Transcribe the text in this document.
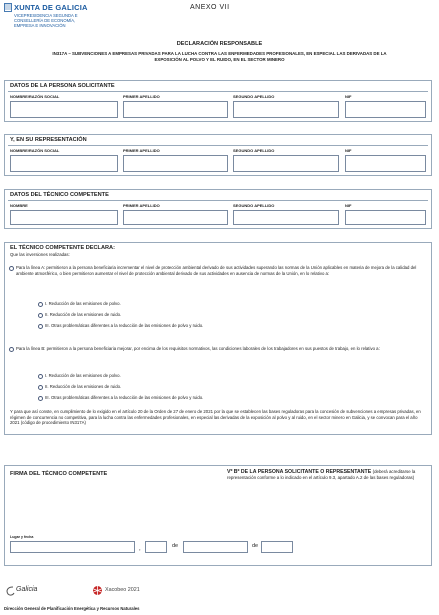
XUNTA DE GALICIA
VICEPRESIDENCIA SEGUNDA E
CONSELLERÍA DE ECONOMÍA,
EMPRESA E INNOVACIÓN
ANEXO VII
DECLARACIÓN RESPONSABLE
IN317A – SUBVENCIONES A EMPRESAS PRIVADAS PARA LA LUCHA CONTRA LAS ENFERMEDADES PROFESIONALES, EN ESPECIAL LAS DERIVADAS DE LA EXPOSICIÓN AL POLVO Y EL RUIDO, EN EL SECTOR MINERO
DATOS DE LA PERSONA SOLICITANTE
NOMBRE/RAZÓN SOCIAL	PRIMER APELLIDO	SEGUNDO APELLIDO	NIF
Y, EN SU REPRESENTACIÓN
NOMBRE/RAZÓN SOCIAL	PRIMER APELLIDO	SEGUNDO APELLIDO	NIF
DATOS DEL TÉCNICO COMPETENTE
NOMBRE	PRIMER APELLIDO	SEGUNDO APELLIDO	NIF
EL TÉCNICO COMPETENTE DECLARA:
Que las inversiones realizadas:
Para la línea A: permitieron a la persona beneficiaria incrementar el nivel de protección ambiental derivado de sus actividades superando las normas de la Unión aplicables en materia de mejora de la calidad del ambiente atmosférico, o bien permitieron aumentar el nivel de protección ambiental derivado de sus actividades en ausencia de normas de la Unión, en lo relativo a:
I. Reducción de las emisiones de polvo.
II. Reducción de las emisiones de ruido.
III. Otras problemáticas diferentes a la reducción de las emisiones de polvo y ruido.
Para la línea B: permitieron a la persona beneficiaria mejorar, por encima de los requisitos normativos, las condiciones laborales de los trabajadores en sus puestos de trabajo, en lo relativo a:
I. Reducción de las emisiones de polvo.
II. Reducción de las emisiones de ruido.
III. Otras problemáticas diferentes a la reducción de las emisiones de polvo y ruido.
Y para que así conste, en cumplimiento de lo exigido en el artículo 20 de la Orden de 27 de enero de 2021 por la que se establecen las bases reguladoras para la concesión de subvenciones a empresas privadas, en régimen de concurrencia no competitiva, para la lucha contra las enfermedades profesionales, en especial las derivadas de la exposición al polvo y al ruido, en el sector minero en Galicia, y se convocan para el año 2021 (código de procedimiento IN317A)
FIRMA DEL TÉCNICO COMPETENTE	Vº Bº DE LA PERSONA SOLICITANTE O REPRESENTANTE (deberá acreditarse la representación conforme a lo indicado en el artículo 9.3, apartado A.2 de las bases reguladoras)
Lugar y fecha
,	de	de
Galicia	Xacobeo 2021
Dirección General de Planificación Energética y Recursos Naturales
